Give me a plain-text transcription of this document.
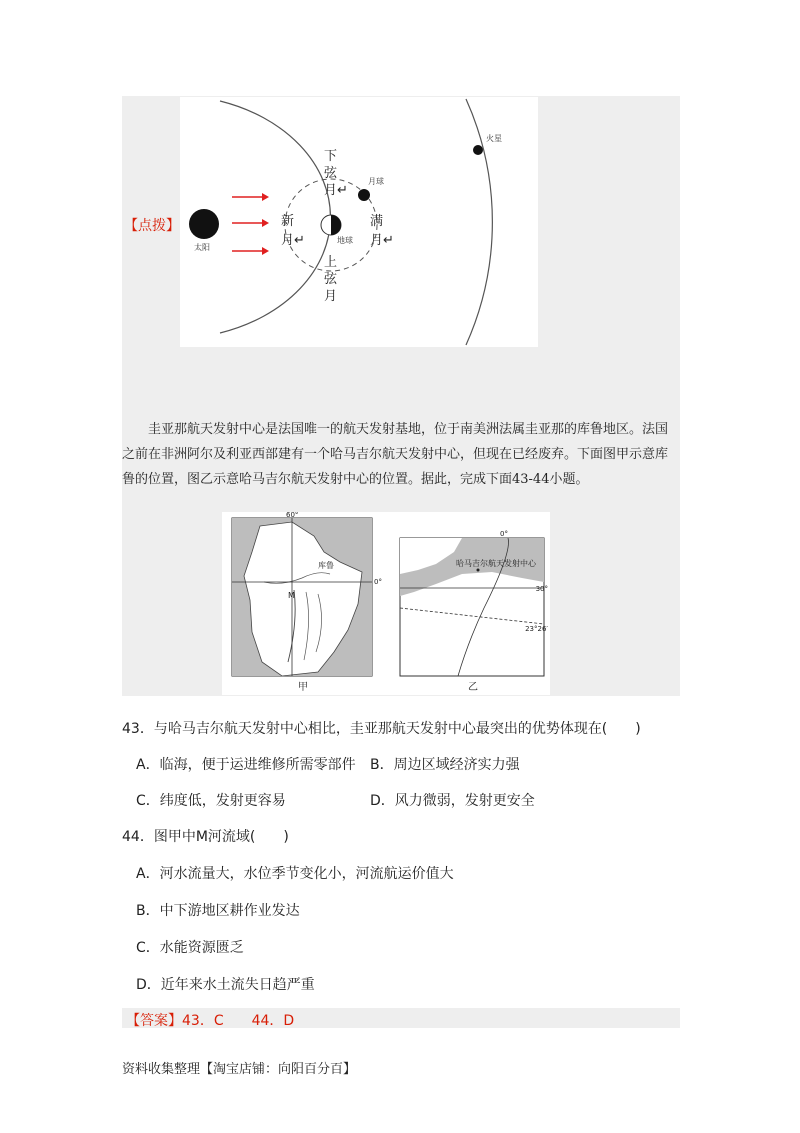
【点拨】
太阳
地球
月球
火星
下
弦
月↵
新
月↵
满
月↵
上
弦
月

圭亚那航天发射中心是法国唯一的航天发射基地，位于南美洲法属圭亚那的库鲁地区。法国之前在非洲阿尔及利亚西部建有一个哈马吉尔航天发射中心，但现在已经废弃。下面图甲示意库鲁的位置，图乙示意哈马吉尔航天发射中心的位置。据此，完成下面43-44小题。

60°
0°
库鲁
M
甲
0°
哈马吉尔航天发射中心
30°
23°26′
乙
43．与哈马吉尔航天发射中心相比，圭亚那航天发射中心最突出的优势体现在(　　)
A．临海，便于运进维修所需零部件 B．周边区域经济实力强
C．纬度低，发射更容易	D．风力微弱，发射更安全
44．图甲中M河流域(　　)
A．河水流量大，水位季节变化小，河流航运价值大
B．中下游地区耕作业发达
C．水能资源匮乏
D．近年来水土流失日趋严重
【答案】43．C　　44．D
资料收集整理【淘宝店铺：向阳百分百】
